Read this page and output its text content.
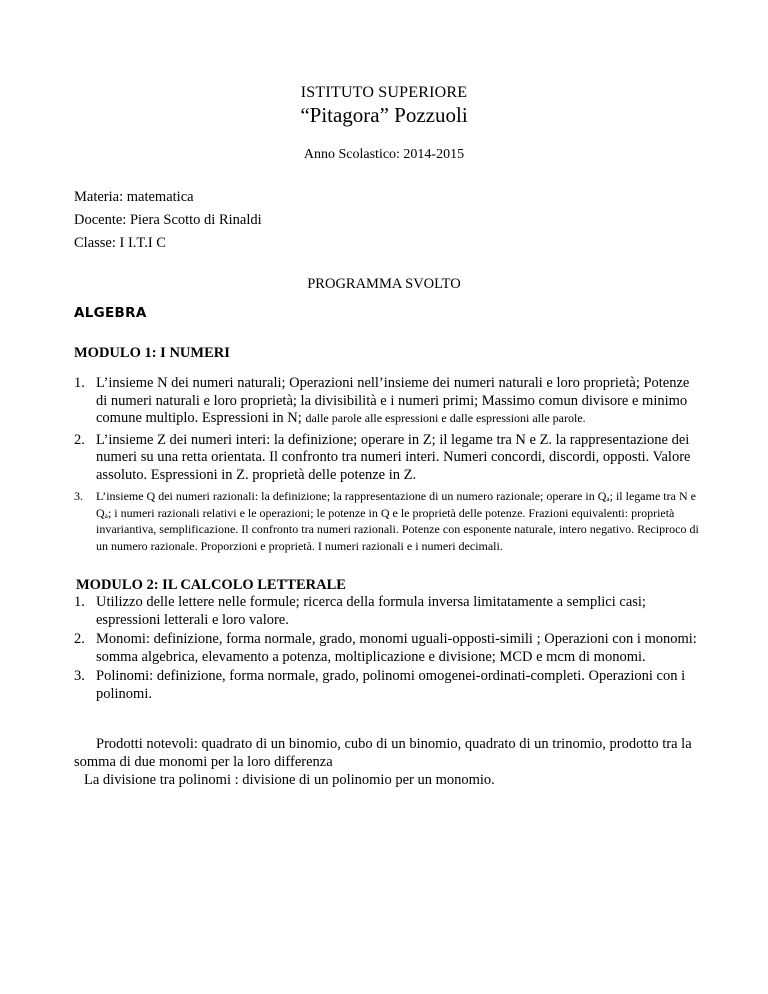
ISTITUTO SUPERIORE
“Pitagora” Pozzuoli
Anno Scolastico: 2014-2015
Materia: matematica
Docente: Piera Scotto di Rinaldi
Classe: I I.T.I C
PROGRAMMA SVOLTO
ALGEBRA
MODULO 1: I NUMERI
1. L’insieme N dei numeri naturali; Operazioni nell’insieme dei numeri naturali e loro proprietà; Potenze di numeri naturali e loro proprietà; la divisibilità e i numeri primi; Massimo comun divisore e minimo comune multiplo. Espressioni in N; dalle parole alle espressioni e dalle espressioni alle parole.
2. L’insieme Z dei numeri interi: la definizione; operare in Z; il legame tra N e Z. la rappresentazione dei numeri su una retta orientata. Il confronto tra numeri interi. Numeri concordi, discordi, opposti. Valore assoluto. Espressioni in Z. proprietà delle potenze in Z.
3. L’insieme Q dei numeri razionali: la definizione; la rappresentazione di un numero razionale; operare in Qₐ; il legame tra N e Qₐ; i numeri razionali relativi e le operazioni; le potenze in Q e le proprietà delle potenze. Frazioni equivalenti: proprietà invariantiva, semplificazione. Il confronto tra numeri razionali. Potenze con esponente naturale, intero negativo. Reciproco di un numero razionale. Proporzioni e proprietà. I numeri razionali e i numeri decimali.
MODULO 2: IL CALCOLO LETTERALE
1. Utilizzo delle lettere nelle formule; ricerca della formula inversa limitatamente a semplici casi; espressioni letterali e loro valore.
2. Monomi: definizione, forma normale, grado, monomi uguali-opposti-simili ; Operazioni con i monomi: somma algebrica, elevamento a potenza, moltiplicazione e divisione; MCD e mcm di monomi.
3. Polinomi: definizione, forma normale, grado, polinomi omogenei-ordinati-completi. Operazioni con i polinomi.
Prodotti notevoli: quadrato di un binomio, cubo di un binomio, quadrato di un trinomio, prodotto tra la somma di due monomi per la loro differenza
La divisione tra polinomi : divisione di un polinomio per un monomio.
